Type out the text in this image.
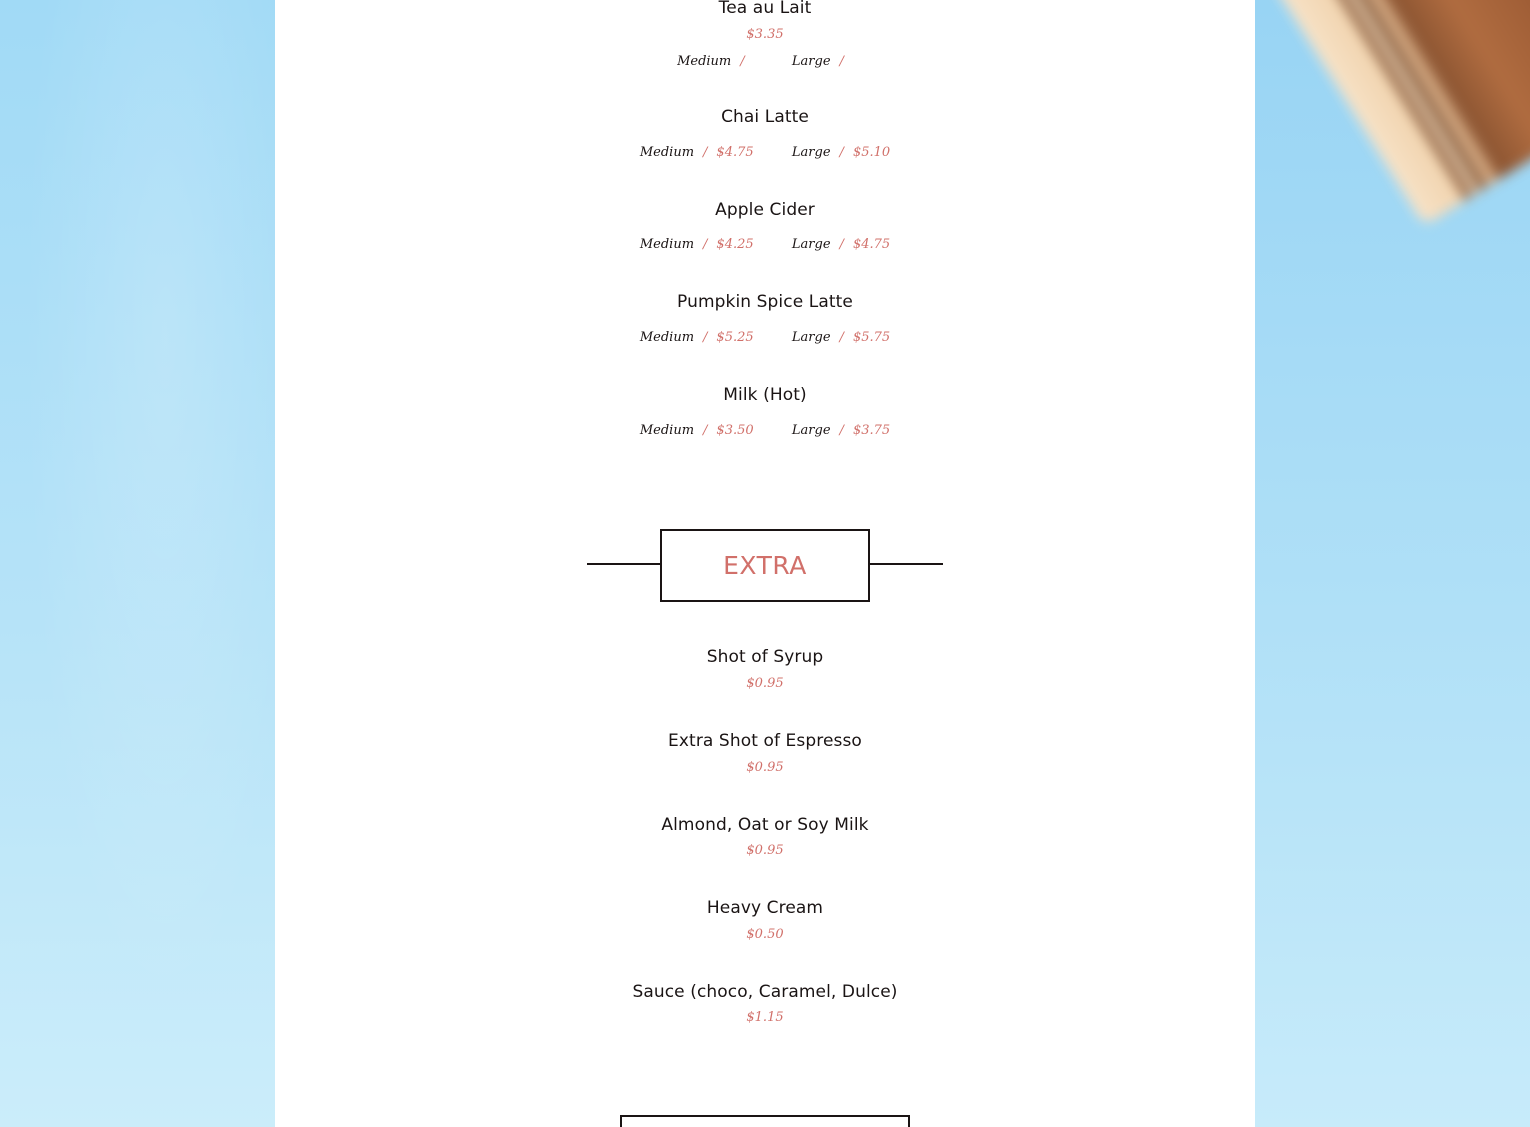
Tea au Lait
$3.35
Medium /	Large /
Chai Latte
Medium / $4.75	Large / $5.10
Apple Cider
Medium / $4.25	Large / $4.75
Pumpkin Spice Latte
Medium / $5.25	Large / $5.75
Milk (Hot)
Medium / $3.50	Large / $3.75
EXTRA
Shot of Syrup
$0.95
Extra Shot of Espresso
$0.95
Almond, Oat or Soy Milk
$0.95
Heavy Cream
$0.50
Sauce (choco, Caramel, Dulce)
$1.15
